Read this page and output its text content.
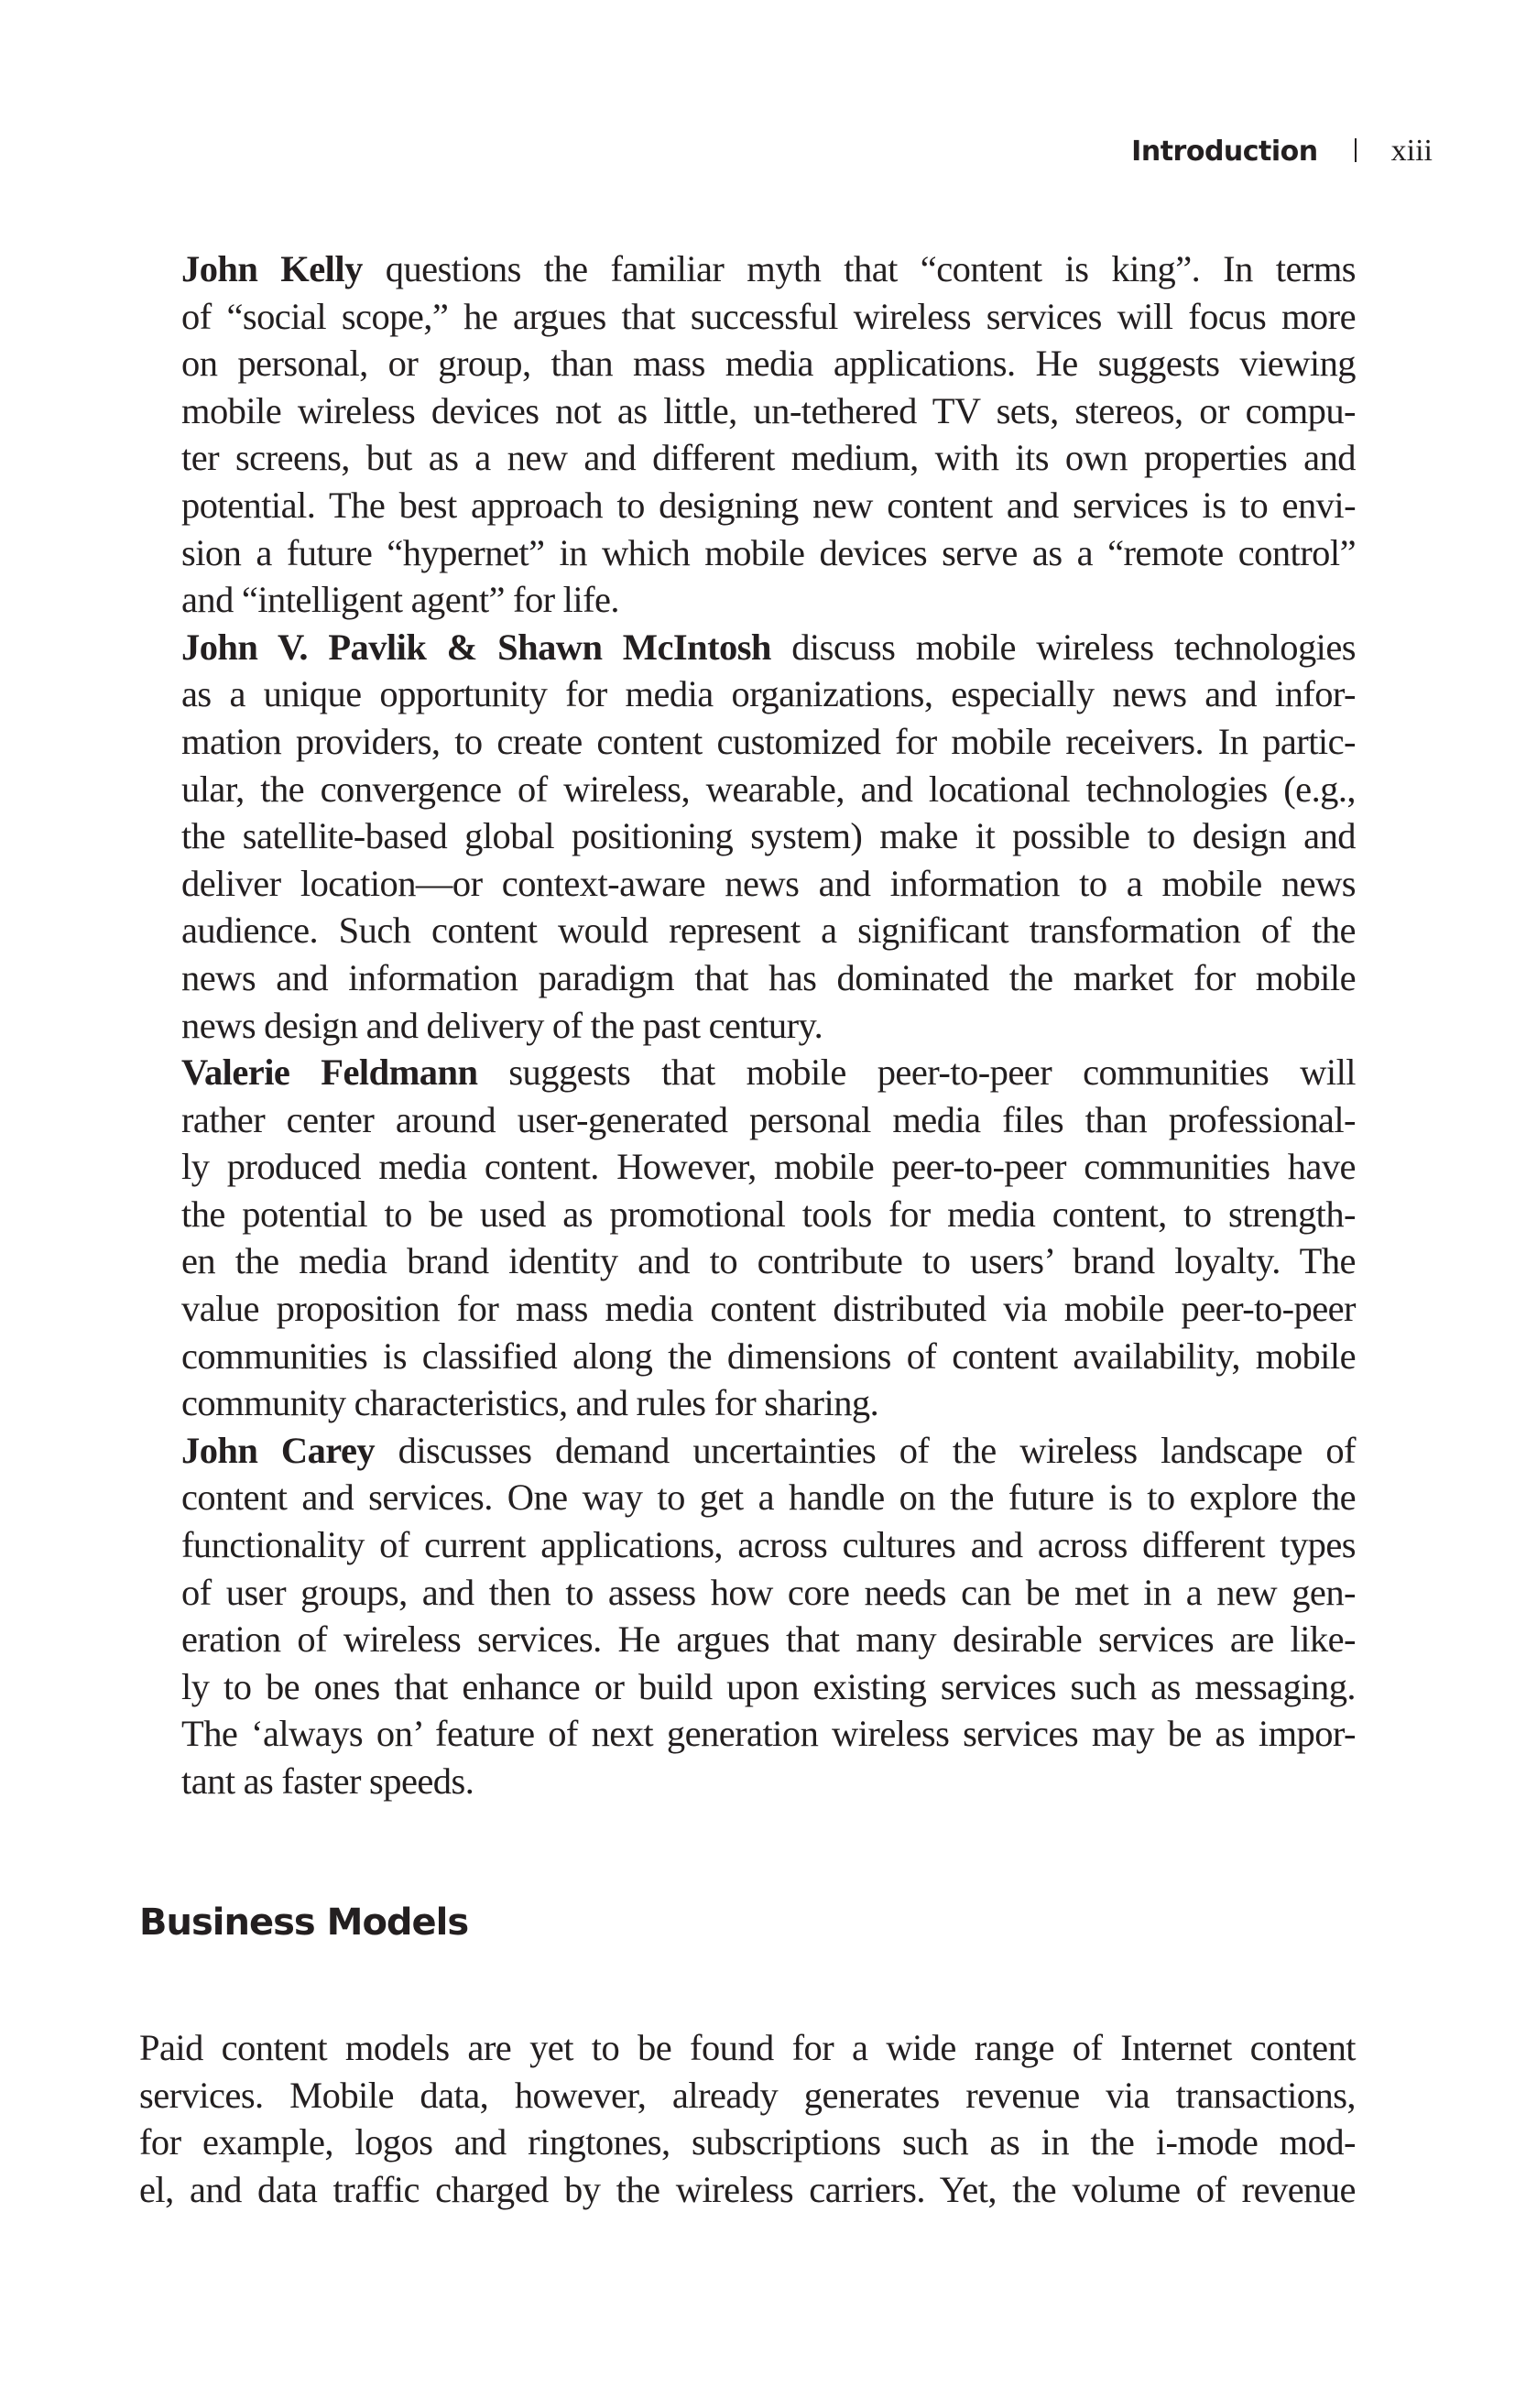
Introduction xiii

John Kelly questions the familiar myth that “content is king”. In terms
of “social scope,” he argues that successful wireless services will focus more
on personal, or group, than mass media applications. He suggests viewing
mobile wireless devices not as little, un-tethered TV sets, stereos, or compu-
ter screens, but as a new and different medium, with its own properties and
potential. The best approach to designing new content and services is to envi-
sion a future “hypernet” in which mobile devices serve as a “remote control”
and “intelligent agent” for life.

John V. Pavlik & Shawn McIntosh discuss mobile wireless technologies
as a unique opportunity for media organizations, especially news and infor-
mation providers, to create content customized for mobile receivers. In partic-
ular, the convergence of wireless, wearable, and locational technologies (e.g.,
the satellite-based global positioning system) make it possible to design and
deliver location—or context-aware news and information to a mobile news
audience. Such content would represent a significant transformation of the
news and information paradigm that has dominated the market for mobile
news design and delivery of the past century.

Valerie Feldmann suggests that mobile peer-to-peer communities will
rather center around user-generated personal media files than professional-
ly produced media content. However, mobile peer-to-peer communities have
the potential to be used as promotional tools for media content, to strength-
en the media brand identity and to contribute to users’ brand loyalty. The
value proposition for mass media content distributed via mobile peer-to-peer
communities is classified along the dimensions of content availability, mobile
community characteristics, and rules for sharing.

John Carey discusses demand uncertainties of the wireless landscape of
content and services. One way to get a handle on the future is to explore the
functionality of current applications, across cultures and across different types
of user groups, and then to assess how core needs can be met in a new gen-
eration of wireless services. He argues that many desirable services are like-
ly to be ones that enhance or build upon existing services such as messaging.
The ‘always on’ feature of next generation wireless services may be as impor-
tant as faster speeds.

Business Models

Paid content models are yet to be found for a wide range of Internet content
services. Mobile data, however, already generates revenue via transactions,
for example, logos and ringtones, subscriptions such as in the i-mode mod-
el, and data traffic charged by the wireless carriers. Yet, the volume of revenue
